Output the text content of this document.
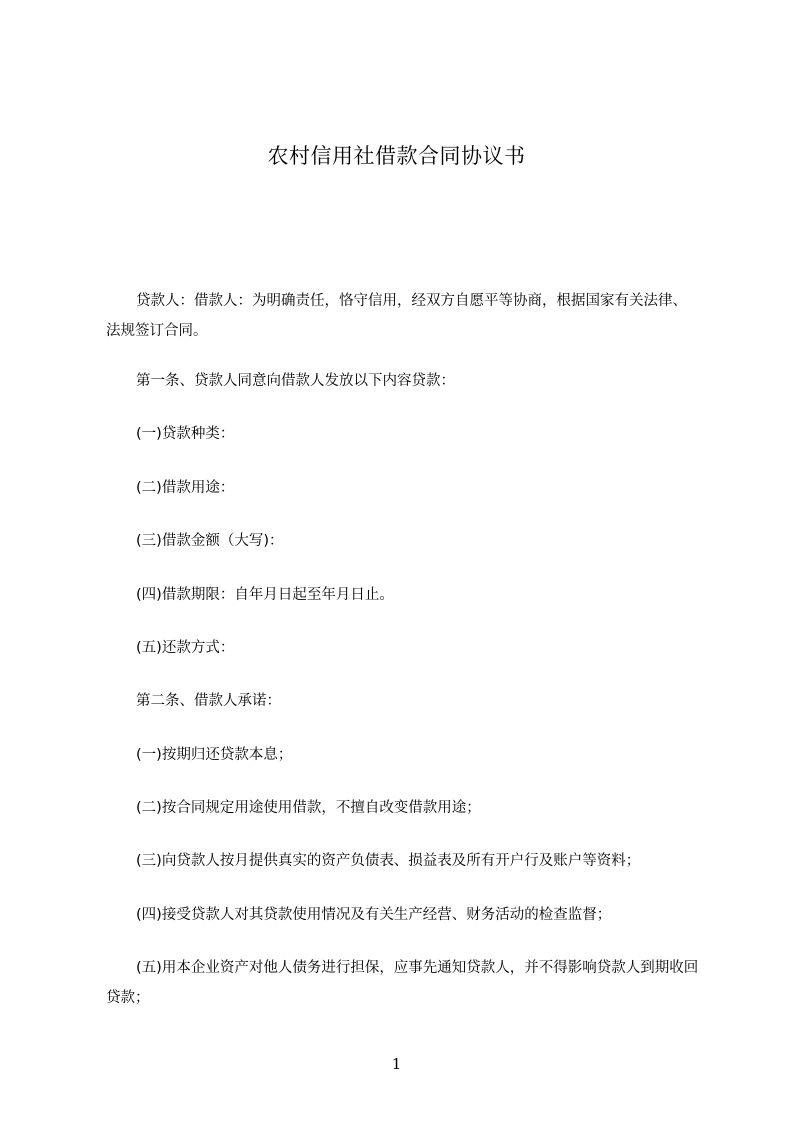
农村信用社借款合同协议书

贷款人：借款人：为明确责任，恪守信用，经双方自愿平等协商，根据国家有关法律、法规签订合同。

第一条、贷款人同意向借款人发放以下内容贷款：

(一)贷款种类：

(二)借款用途：

(三)借款金额（大写)：

(四)借款期限：自年月日起至年月日止。

(五)还款方式：

第二条、借款人承诺：

(一)按期归还贷款本息；

(二)按合同规定用途使用借款，不擅自改变借款用途；

(三)向贷款人按月提供真实的资产负债表、损益表及所有开户行及账户等资料；

(四)接受贷款人对其贷款使用情况及有关生产经营、财务活动的检查监督；

(五)用本企业资产对他人债务进行担保，应事先通知贷款人，并不得影响贷款人到期收回贷款；

1
